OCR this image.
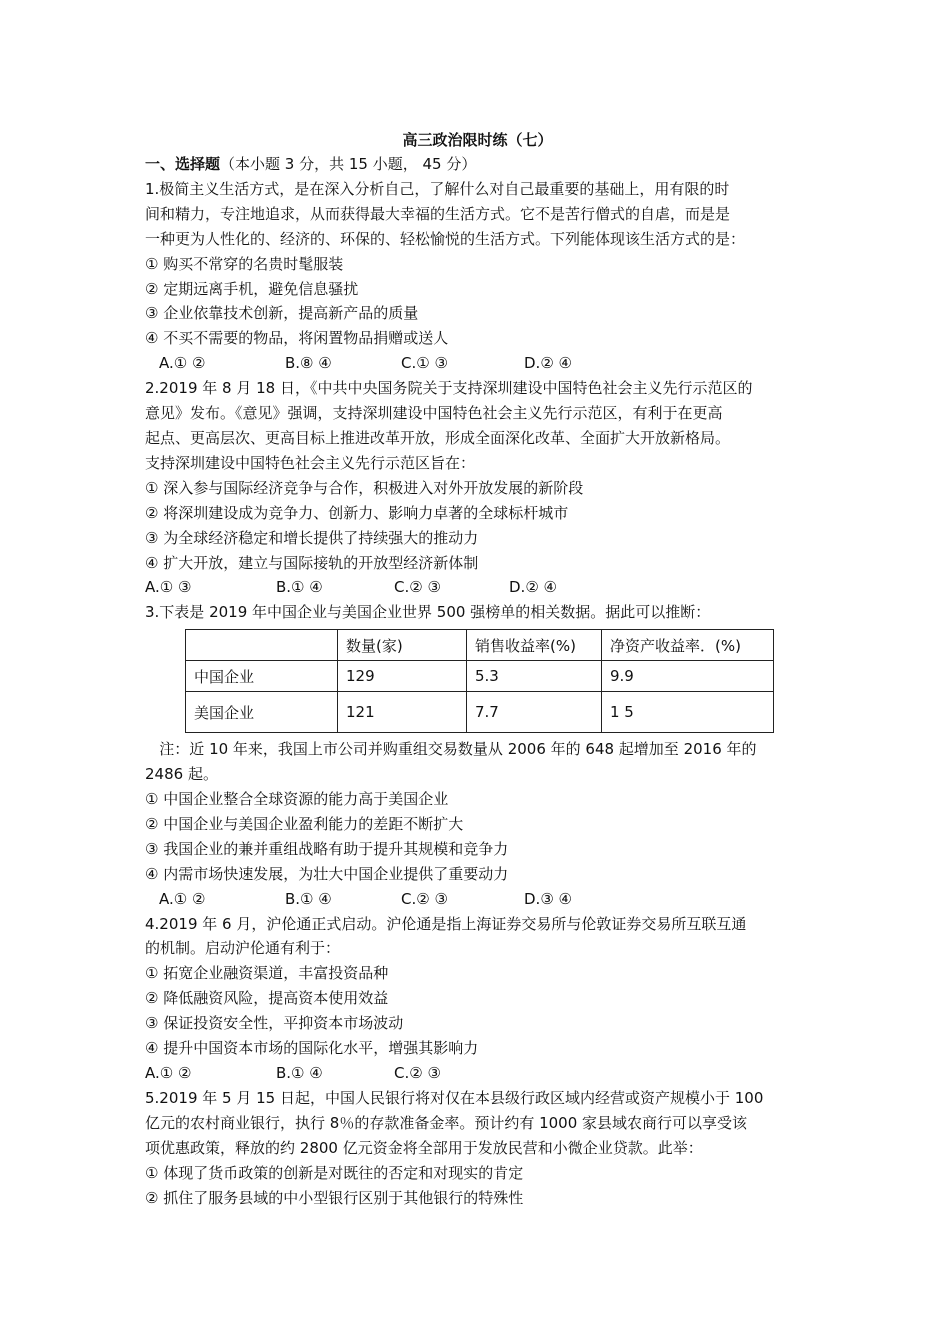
高三政治限时练（七）
一、选择题（本小题 3 分，共 15 小题， 45 分）
1.极简主义生活方式，是在深入分析自己，了解什么对自己最重要的基础上，用有限的时
间和精力，专注地追求，从而获得最大幸福的生活方式。它不是苦行僧式的自虐，而是是
一种更为人性化的、经济的、环保的、轻松愉悦的生活方式。下列能体现该生活方式的是：
① 购买不常穿的名贵时髦服装
② 定期远离手机，避免信息骚扰
③ 企业依靠技术创新，提高新产品的质量
④ 不买不需要的物品，将闲置物品捐赠或送人
A.① ②	B.⑧ ④	C.① ③	D.② ④
2.2019 年 8 月 18 日，《中共中央国务院关于支持深圳建设中国特色社会主义先行示范区的
意见》发布。《意见》强调，支持深圳建设中国特色社会主义先行示范区，有利于在更高
起点、更高层次、更高目标上推进改革开放，形成全面深化改革、全面扩大开放新格局。
支持深圳建设中国特色社会主义先行示范区旨在：
① 深入参与国际经济竞争与合作，积极进入对外开放发展的新阶段
② 将深圳建设成为竞争力、创新力、影响力卓著的全球标杆城市
③ 为全球经济稳定和增长提供了持续强大的推动力
④ 扩大开放，建立与国际接轨的开放型经济新体制
A.① ③	B.① ④	C.② ③	D.② ④
3.下表是 2019 年中国企业与美国企业世界 500 强榜单的相关数据。据此可以推断：
	数量(家)	销售收益率(%)	净资产收益率．(%)
中国企业	129	5.3	9.9
美国企业	121	7.7	1 5
注：近 10 年来，我国上市公司并购重组交易数量从 2006 年的 648 起增加至 2016 年的
2486 起。
① 中国企业整合全球资源的能力高于美国企业
② 中国企业与美国企业盈利能力的差距不断扩大
③ 我国企业的兼并重组战略有助于提升其规模和竞争力
④ 内需市场快速发展，为壮大中国企业提供了重要动力
A.① ②	B.① ④	C.② ③	D.③ ④
4.2019 年 6 月，沪伦通正式启动。沪伦通是指上海证券交易所与伦敦证券交易所互联互通
的机制。启动沪伦通有利于：
① 拓宽企业融资渠道，丰富投资品种
② 降低融资风险，提高资本使用效益
③ 保证投资安全性，平抑资本市场波动
④ 提升中国资本市场的国际化水平，增强其影响力
A.① ②	B.① ④	C.② ③
5.2019 年 5 月 15 日起，中国人民银行将对仅在本县级行政区域内经营或资产规模小于 100
亿元的农村商业银行，执行 8％的存款准备金率。预计约有 1000 家县域农商行可以享受该
项优惠政策，释放的约 2800 亿元资金将全部用于发放民营和小微企业贷款。此举：
① 体现了货币政策的创新是对既往的否定和对现实的肯定
② 抓住了服务县域的中小型银行区别于其他银行的特殊性
